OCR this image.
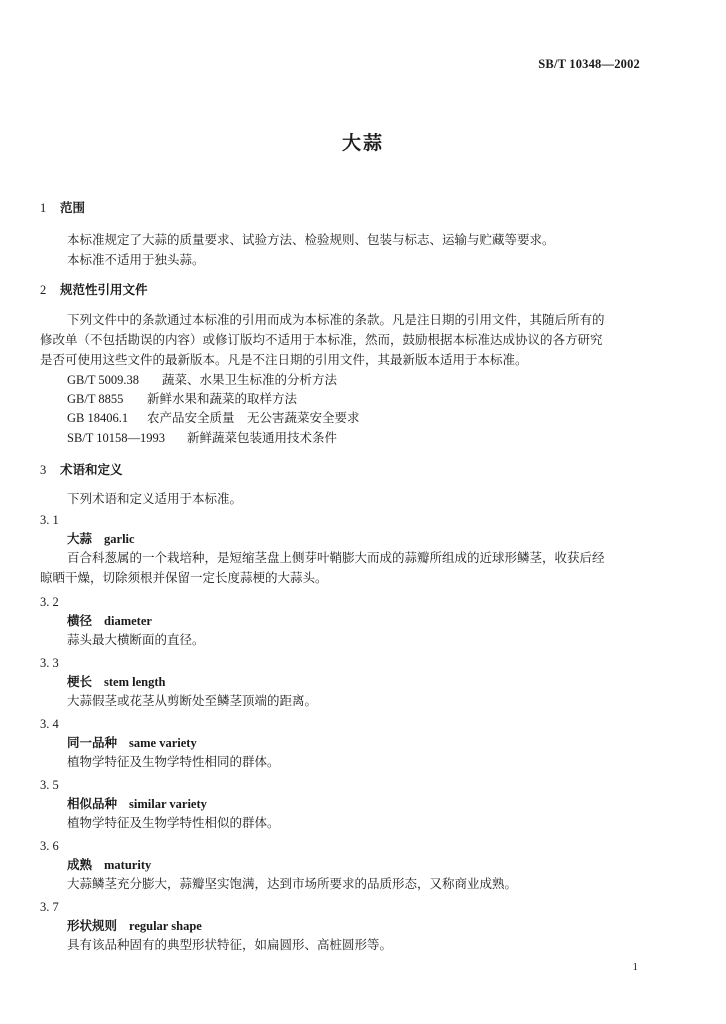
SB/T 10348—2002
大蒜
1 范围
本标准规定了大蒜的质量要求、试验方法、检验规则、包装与标志、运输与贮藏等要求。
本标准不适用于独头蒜。
2 规范性引用文件
下列文件中的条款通过本标准的引用而成为本标准的条款。凡是注日期的引用文件，其随后所有的
修改单（不包括勘误的内容）或修订版均不适用于本标准，然而，鼓励根据本标准达成协议的各方研究
是否可使用这些文件的最新版本。凡是不注日期的引用文件，其最新版本适用于本标准。
GB/T 5009.38 蔬菜、水果卫生标准的分析方法
GB/T 8855 新鲜水果和蔬菜的取样方法
GB 18406.1 农产品安全质量　无公害蔬菜安全要求
SB/T 10158—1993 新鲜蔬菜包装通用技术条件
3 术语和定义
下列术语和定义适用于本标准。
3. 1
大蒜 garlic
百合科葱属的一个栽培种，是短缩茎盘上侧芽叶鞘膨大而成的蒜瓣所组成的近球形鳞茎，收获后经
晾晒干燥，切除须根并保留一定长度蒜梗的大蒜头。
3. 2
横径 diameter
蒜头最大横断面的直径。
3. 3
梗长 stem length
大蒜假茎或花茎从剪断处至鳞茎顶端的距离。
3. 4
同一品种 same variety
植物学特征及生物学特性相同的群体。
3. 5
相似品种 similar variety
植物学特征及生物学特性相似的群体。
3. 6
成熟 maturity
大蒜鳞茎充分膨大，蒜瓣坚实饱满，达到市场所要求的品质形态，又称商业成熟。
3. 7
形状规则 regular shape
具有该品种固有的典型形状特征，如扁圆形、高桩圆形等。
1
